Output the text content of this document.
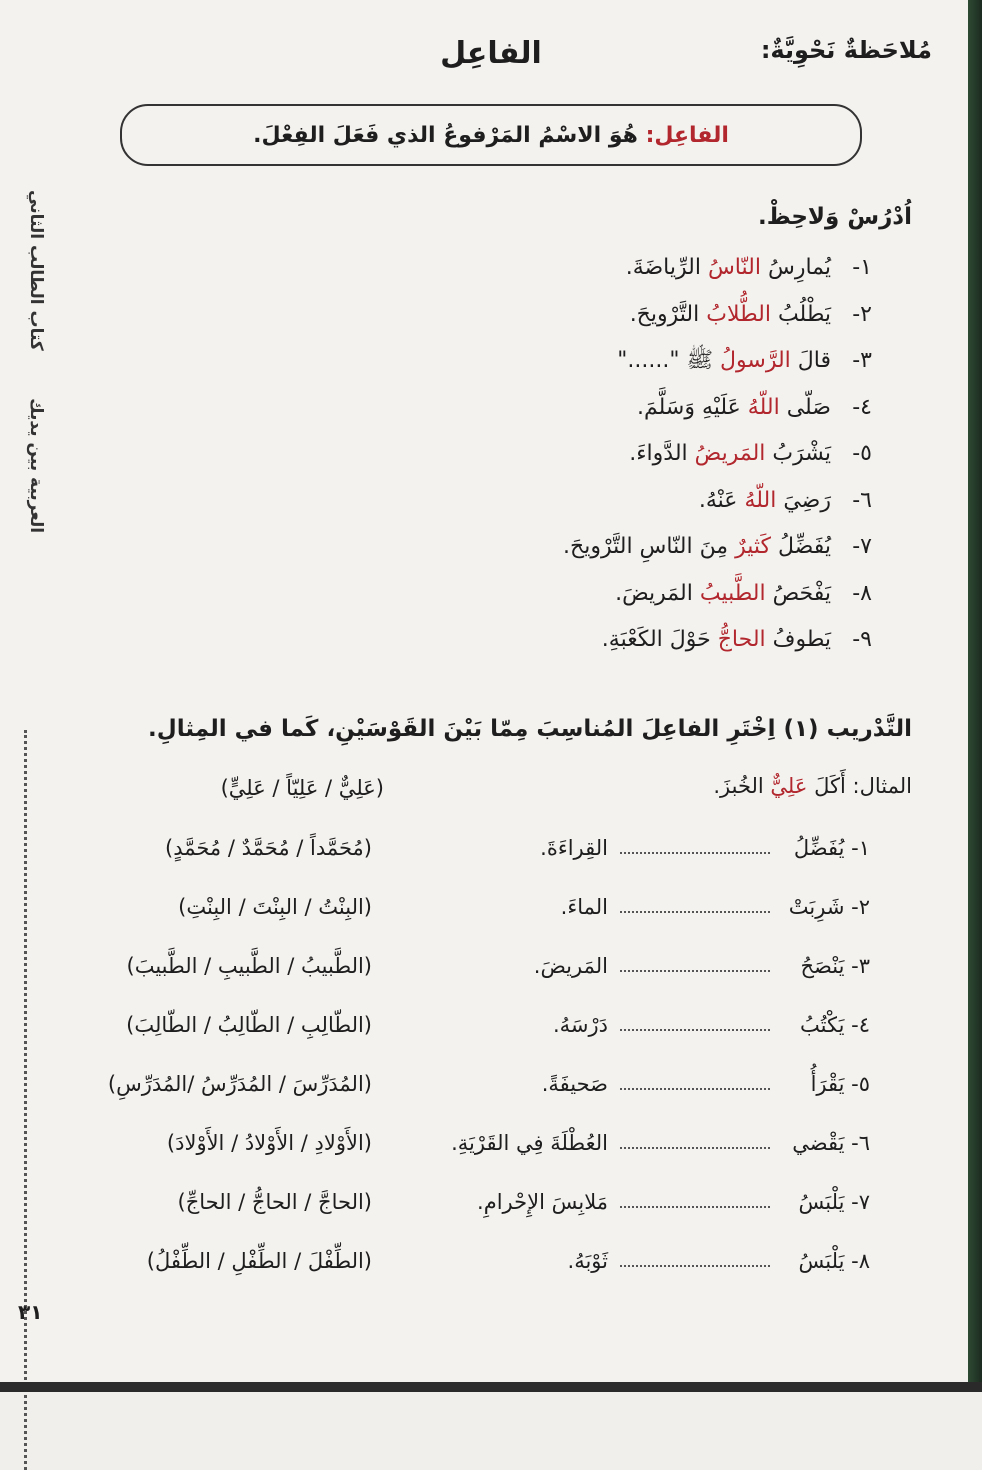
مُلاحَظةٌ نَحْوِيَّةٌ:
الفاعِل
الفاعِل:

هُوَ الاسْمُ المَرْفوعُ الذي فَعَلَ الفِعْلَ.
العربية بين يديك        كتاب الطالب الثاني
٣١
اُدْرُسْ وَلاحِظْ.
١- يُمارِسُ النّاسُ الرِّياضَةَ.
٢- يَطْلُبُ الطُّلابُ التَّرْويحَ.
٣- قالَ الرَّسولُ ﷺ "......"
٤- صَلّى اللّهُ عَلَيْهِ وَسَلَّمَ.
٥- يَشْرَبُ المَريضُ الدَّواءَ.
٦- رَضِيَ اللّهُ عَنْهُ.
٧- يُفَضِّلُ كَثيرٌ مِنَ النّاسِ التَّرْويحَ.
٨- يَفْحَصُ الطَّبيبُ المَريضَ.
٩- يَطوفُ الحاجُّ حَوْلَ الكَعْبَةِ.
التَّدْريب (١) اِخْتَرِ الفاعِلَ المُناسِبَ مِمّا بَيْنَ القَوْسَيْنِ، كَما في المِثالِ.
المثال: أَكَلَ عَلِيٌّ الخُبزَ.
(عَلِيٌّ / عَلِيّاً / عَلِيٍّ)
١- يُفَضِّلُ
القِراءَةَ.
(مُحَمَّداً / مُحَمَّدٌ / مُحَمَّدٍ)
٢- شَرِبَتْ
الماءَ.
(البِنْتُ / البِنْتَ / البِنْتِ)
٣- يَنْصَحُ
المَريضَ.
(الطَّبيبُ / الطَّبيبِ / الطَّبيبَ)
٤- يَكْتُبُ
دَرْسَهُ.
(الطّالِبِ / الطّالِبُ / الطّالِبَ)
٥- يَقْرَأُ
صَحيفَةً.
(المُدَرِّسَ / المُدَرِّسُ /المُدَرِّسِ)
٦- يَقْضي
العُطْلَةَ فِي القَرْيَةِ.
(الأَوْلادِ / الأَوْلادُ / الأَوْلادَ)
٧- يَلْبَسُ
مَلابِسَ الإِحْرامِ.
(الحاجَّ / الحاجُّ / الحاجِّ)
٨- يَلْبَسُ
ثَوْبَهُ.
(الطِّفْلَ / الطِّفْلِ / الطِّفْلُ)
